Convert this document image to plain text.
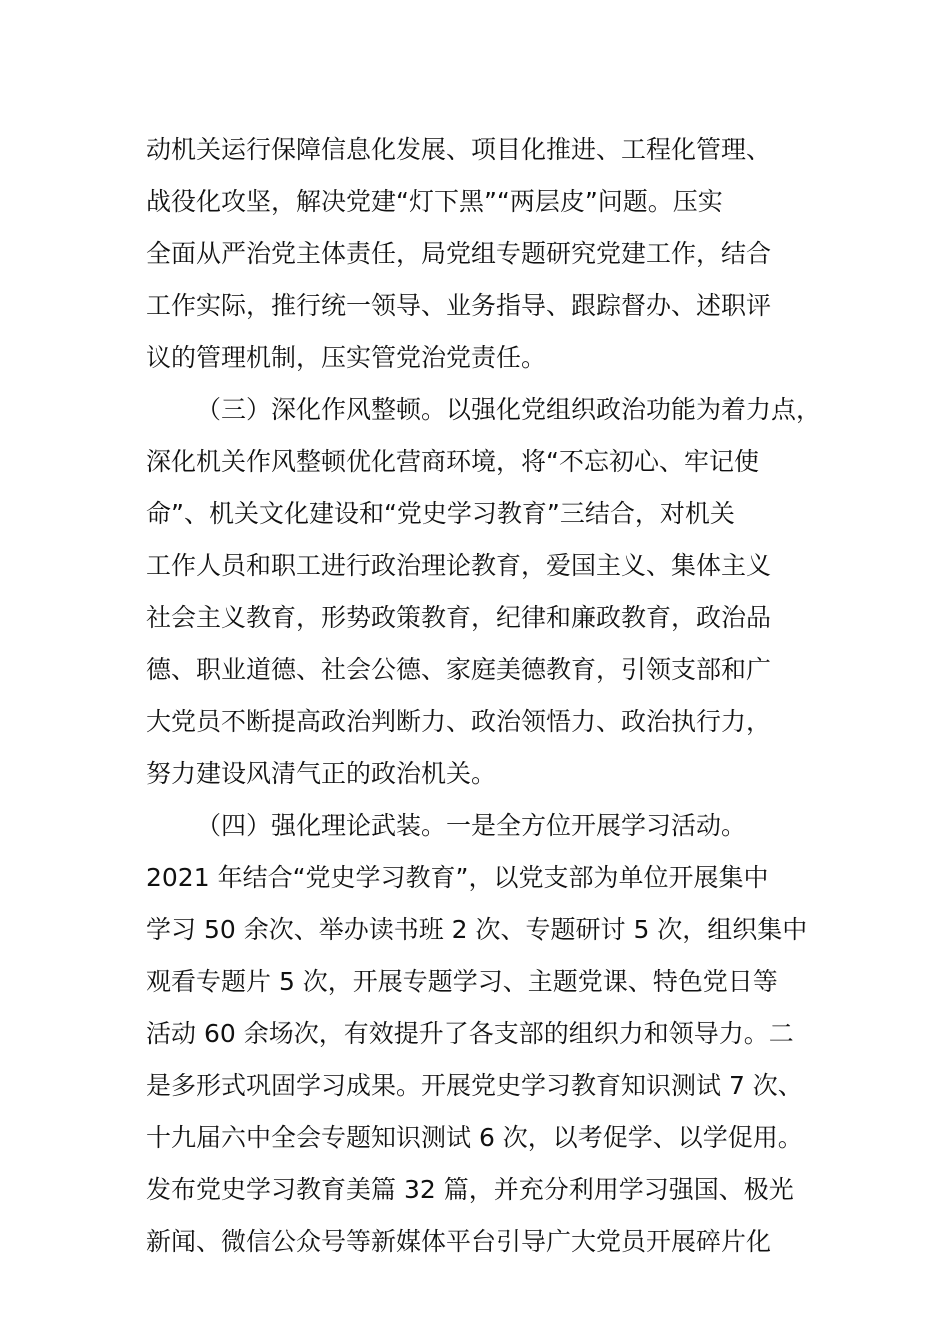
动机关运行保障信息化发展、项目化推进、工程化管理、
战役化攻坚，解决党建“灯下黑”“两层皮”问题。压实
全面从严治党主体责任，局党组专题研究党建工作，结合
工作实际，推行统一领导、业务指导、跟踪督办、述职评
议的管理机制，压实管党治党责任。
（三）深化作风整顿。以强化党组织政治功能为着力点，
深化机关作风整顿优化营商环境，将“不忘初心、牢记使
命”、机关文化建设和“党史学习教育”三结合，对机关
工作人员和职工进行政治理论教育，爱国主义、集体主义
社会主义教育，形势政策教育，纪律和廉政教育，政治品
德、职业道德、社会公德、家庭美德教育，引领支部和广
大党员不断提高政治判断力、政治领悟力、政治执行力，
努力建设风清气正的政治机关。
（四）强化理论武装。一是全方位开展学习活动。
2021 年结合“党史学习教育”，以党支部为单位开展集中
学习 50 余次、举办读书班 2 次、专题研讨 5 次，组织集中
观看专题片 5 次，开展专题学习、主题党课、特色党日等
活动 60 余场次，有效提升了各支部的组织力和领导力。二
是多形式巩固学习成果。开展党史学习教育知识测试 7 次、
十九届六中全会专题知识测试 6 次，以考促学、以学促用。
发布党史学习教育美篇 32 篇，并充分利用学习强国、极光
新闻、微信公众号等新媒体平台引导广大党员开展碎片化
